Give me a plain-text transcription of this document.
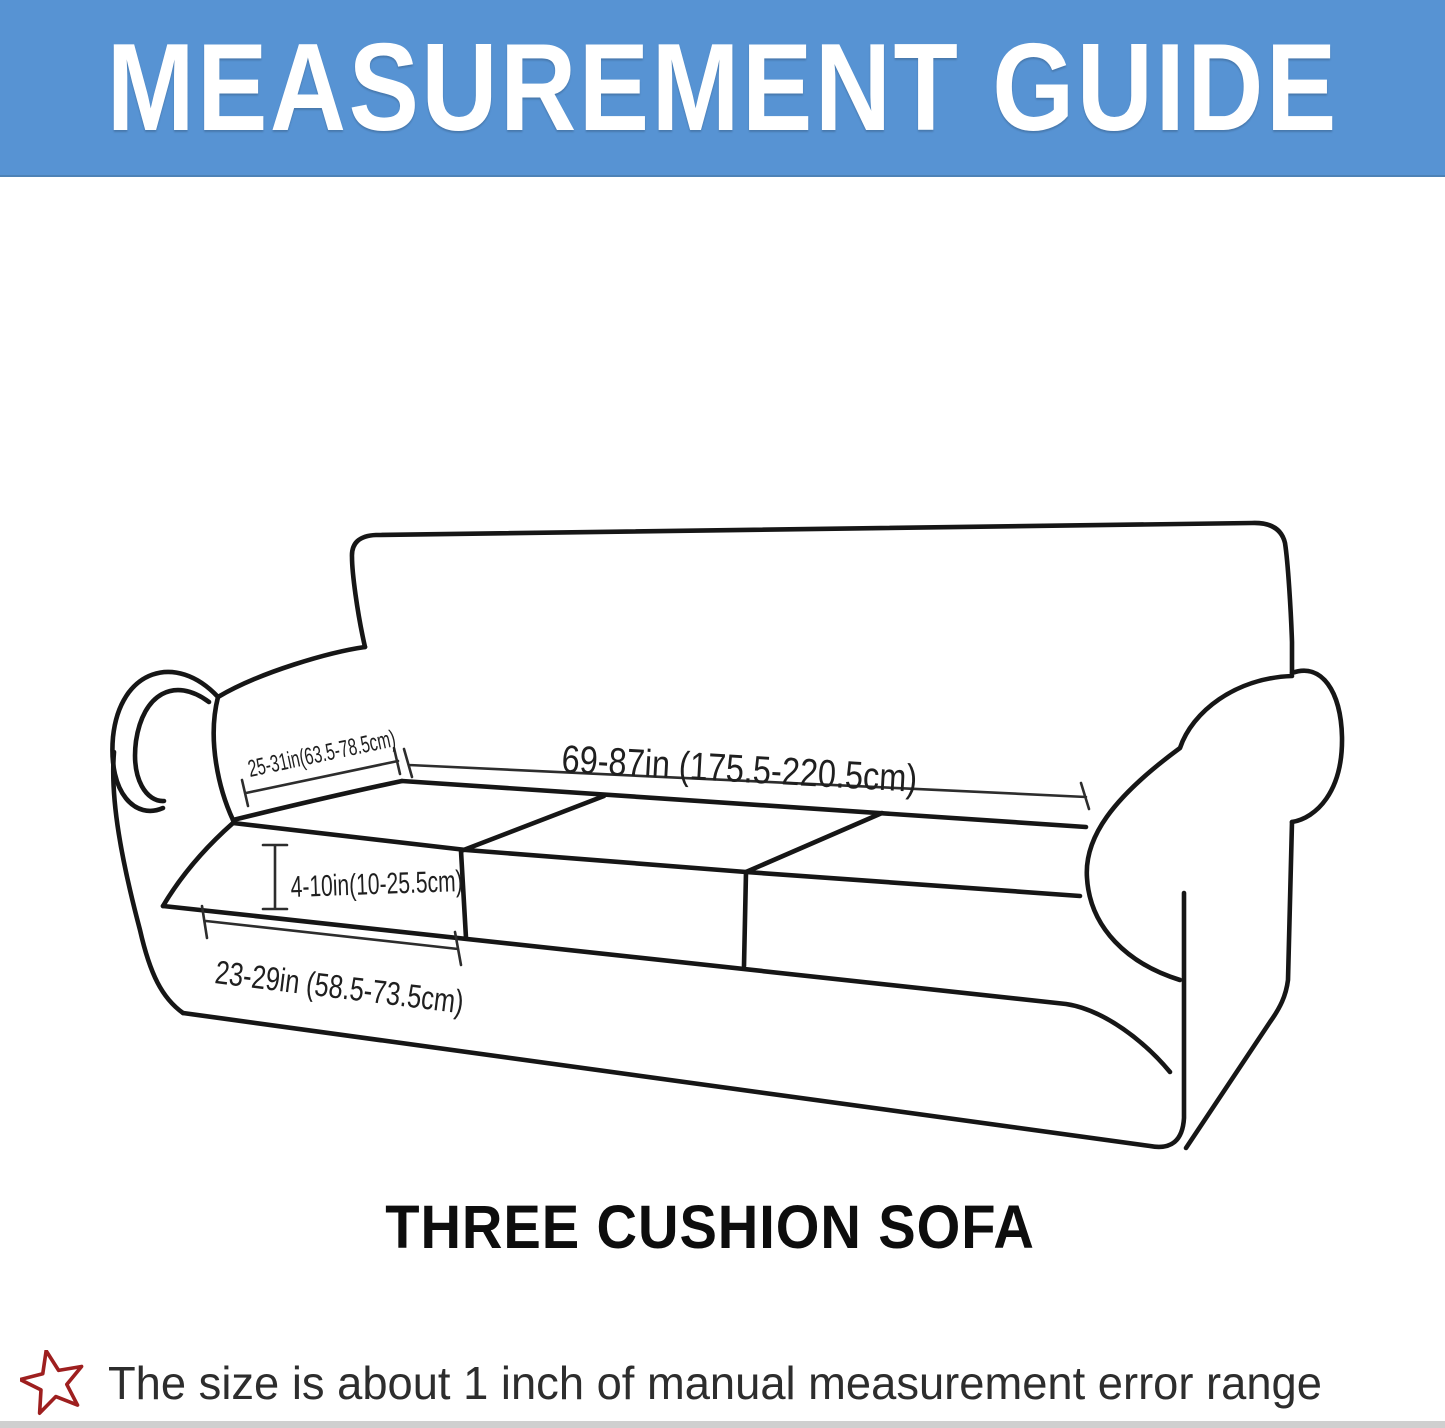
MEASUREMENT GUIDE
25-31in(63.5-78.5cm) 69-87in (175.5-220.5cm)
4-10in(10-25.5cm)
23-29in (58.5-73.5cm)
THREE CUSHION SOFA
The size is about 1 inch of manual measurement error range
